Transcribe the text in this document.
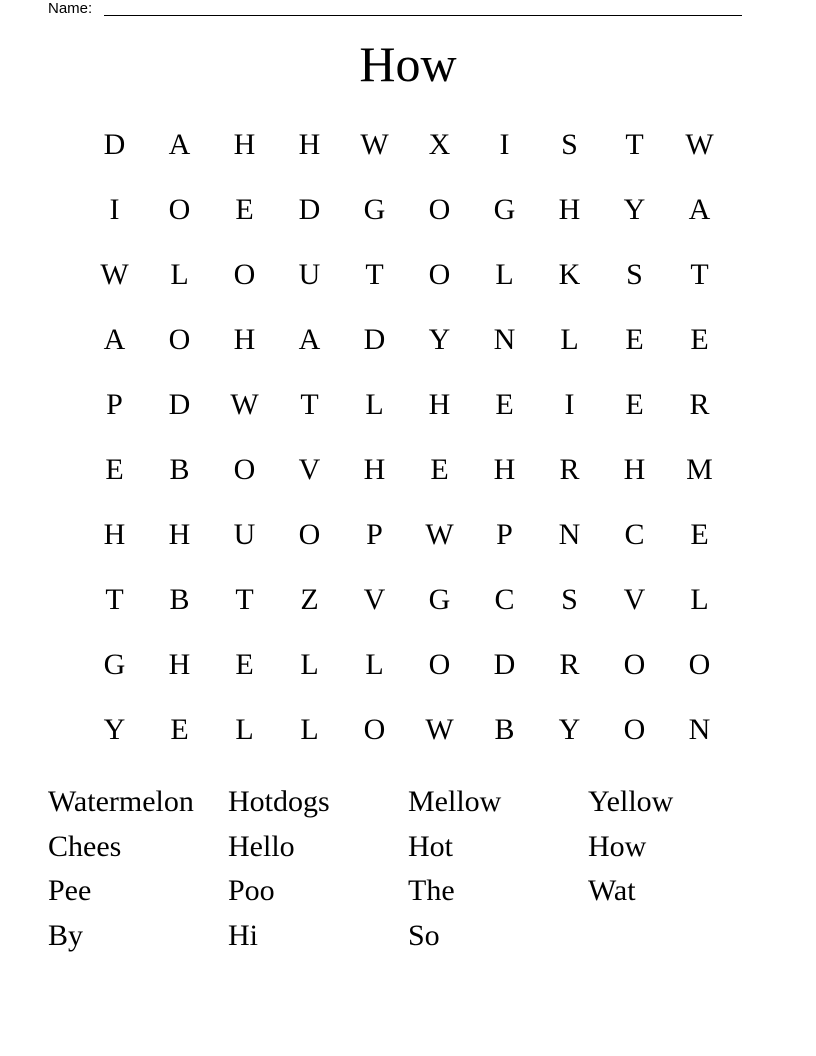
Name:
How
D	A	H	H	W	X	I	S	T	W
I	O	E	D	G	O	G	H	Y	A
W	L	O	U	T	O	L	K	S	T
A	O	H	A	D	Y	N	L	E	E
P	D	W	T	L	H	E	I	E	R
E	B	O	V	H	E	H	R	H	M
H	H	U	O	P	W	P	N	C	E
T	B	T	Z	V	G	C	S	V	L
G	H	E	L	L	O	D	R	O	O
Y	E	L	L	O	W	B	Y	O	N
Watermelon	Hotdogs	Mellow	Yellow
Chees	Hello	Hot	How
Pee	Poo	The	Wat
By	Hi	So
